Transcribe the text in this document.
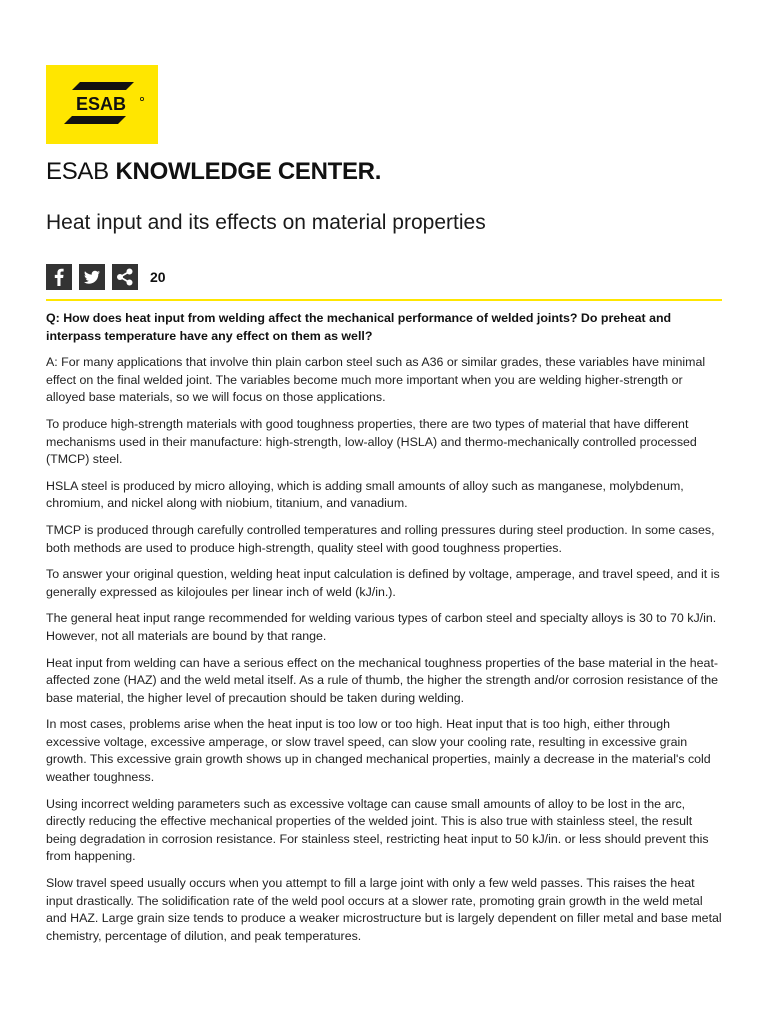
ESAB
ESAB KNOWLEDGE CENTER.
Heat input and its effects on material properties
20

Q: How does heat input from welding affect the mechanical performance of welded joints? Do preheat and interpass temperature have any effect on them as well?

A: For many applications that involve thin plain carbon steel such as A36 or similar grades, these variables have minimal effect on the final welded joint. The variables become much more important when you are welding higher-strength or alloyed base materials, so we will focus on those applications.

To produce high-strength materials with good toughness properties, there are two types of material that have different mechanisms used in their manufacture: high-strength, low-alloy (HSLA) and thermo-mechanically controlled processed (TMCP) steel.

HSLA steel is produced by micro alloying, which is adding small amounts of alloy such as manganese, molybdenum, chromium, and nickel along with niobium, titanium, and vanadium.

TMCP is produced through carefully controlled temperatures and rolling pressures during steel production. In some cases, both methods are used to produce high-strength, quality steel with good toughness properties.

To answer your original question, welding heat input calculation is defined by voltage, amperage, and travel speed, and it is generally expressed as kilojoules per linear inch of weld (kJ/in.).

The general heat input range recommended for welding various types of carbon steel and specialty alloys is 30 to 70 kJ/in. However, not all materials are bound by that range.

Heat input from welding can have a serious effect on the mechanical toughness properties of the base material in the heat-affected zone (HAZ) and the weld metal itself. As a rule of thumb, the higher the strength and/or corrosion resistance of the base material, the higher level of precaution should be taken during welding.

In most cases, problems arise when the heat input is too low or too high. Heat input that is too high, either through excessive voltage, excessive amperage, or slow travel speed, can slow your cooling rate, resulting in excessive grain growth. This excessive grain growth shows up in changed mechanical properties, mainly a decrease in the material's cold weather toughness.

Using incorrect welding parameters such as excessive voltage can cause small amounts of alloy to be lost in the arc, directly reducing the effective mechanical properties of the welded joint. This is also true with stainless steel, the result being degradation in corrosion resistance. For stainless steel, restricting heat input to 50 kJ/in. or less should prevent this from happening.

Slow travel speed usually occurs when you attempt to fill a large joint with only a few weld passes. This raises the heat input drastically. The solidification rate of the weld pool occurs at a slower rate, promoting grain growth in the weld metal and HAZ. Large grain size tends to produce a weaker microstructure but is largely dependent on filler metal and base metal chemistry, percentage of dilution, and peak temperatures.
